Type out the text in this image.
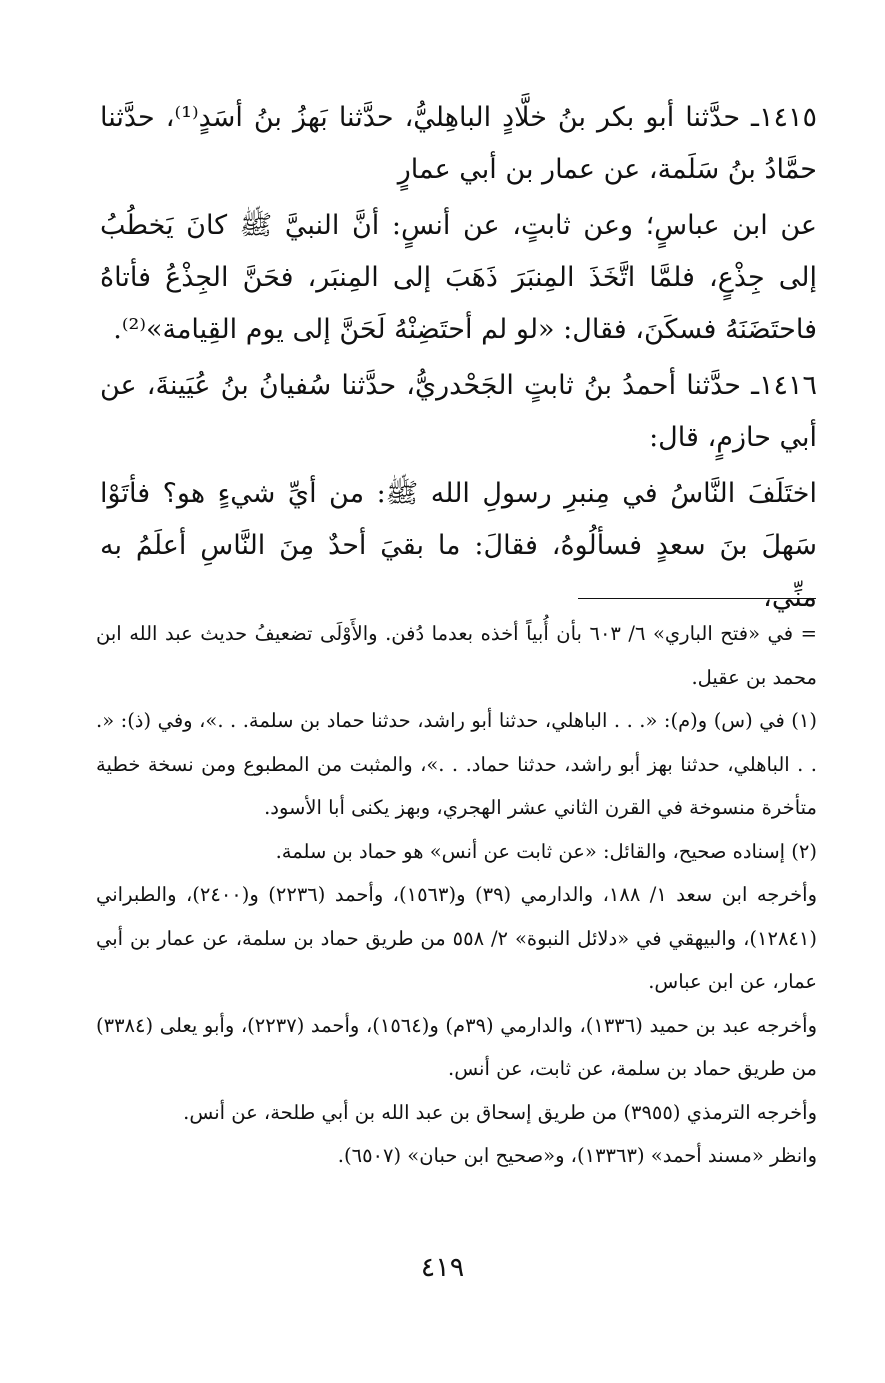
١٤١٥ـ حدَّثنا أبو بكر بنُ خلَّادٍ الباهِليُّ، حدَّثنا بَهزُ بنُ أسَدٍ⁽¹⁾، حدَّثنا حمَّادُ بنُ سَلَمة، عن عمار بن أبي عمارٍ

عن ابن عباسٍ؛ وعن ثابتٍ، عن أنسٍ: أنَّ النبيَّ ﷺ كانَ يَخطُبُ إلى جِذْعٍ، فلمَّا اتَّخَذَ المِنبَرَ ذَهَبَ إلى المِنبَر، فحَنَّ الجِذْعُ فأتاهُ فاحتَضَنَهُ فسكَنَ، فقال: «لو لم أحتَضِنْهُ لَحَنَّ إلى يوم القِيامة»⁽²⁾.

١٤١٦ـ حدَّثنا أحمدُ بنُ ثابتٍ الجَحْدريُّ، حدَّثنا سُفيانُ بنُ عُيَينةَ، عن أبي حازمٍ، قال:

اختَلَفَ النَّاسُ في مِنبرِ رسولِ الله ﷺ: من أيِّ شيءٍ هو؟ فأتَوْا سَهلَ بنَ سعدٍ فسألُوهُ، فقالَ: ما بقيَ أحدٌ مِنَ النَّاسِ أعلَمُ به منِّي،

= في «فتح الباري» ٦/ ٦٠٣ بأن أُبياً أخذه بعدما دُفن. والأَوْلَى تضعيفُ حديث عبد الله ابن محمد بن عقيل.

(١) في (س) و(م): «. . . الباهلي، حدثنا أبو راشد، حدثنا حماد بن سلمة. . .»، وفي (ذ): «. . . الباهلي، حدثنا بهز أبو راشد، حدثنا حماد. . .»، والمثبت من المطبوع ومن نسخة خطية متأخرة منسوخة في القرن الثاني عشر الهجري، وبهز يكنى أبا الأسود.

(٢) إسناده صحيح، والقائل: «عن ثابت عن أنس» هو حماد بن سلمة.

وأخرجه ابن سعد ١/ ١٨٨، والدارمي (٣٩) و(١٥٦٣)، وأحمد (٢٢٣٦) و(٢٤٠٠)، والطبراني (١٢٨٤١)، والبيهقي في «دلائل النبوة» ٢/ ٥٥٨ من طريق حماد بن سلمة، عن عمار بن أبي عمار، عن ابن عباس.

وأخرجه عبد بن حميد (١٣٣٦)، والدارمي (٣٩م) و(١٥٦٤)، وأحمد (٢٢٣٧)، وأبو يعلى (٣٣٨٤) من طريق حماد بن سلمة، عن ثابت، عن أنس.

وأخرجه الترمذي (٣٩٥٥) من طريق إسحاق بن عبد الله بن أبي طلحة، عن أنس.

وانظر «مسند أحمد» (١٣٣٦٣)، و«صحيح ابن حبان» (٦٥٠٧).

٤١٩
